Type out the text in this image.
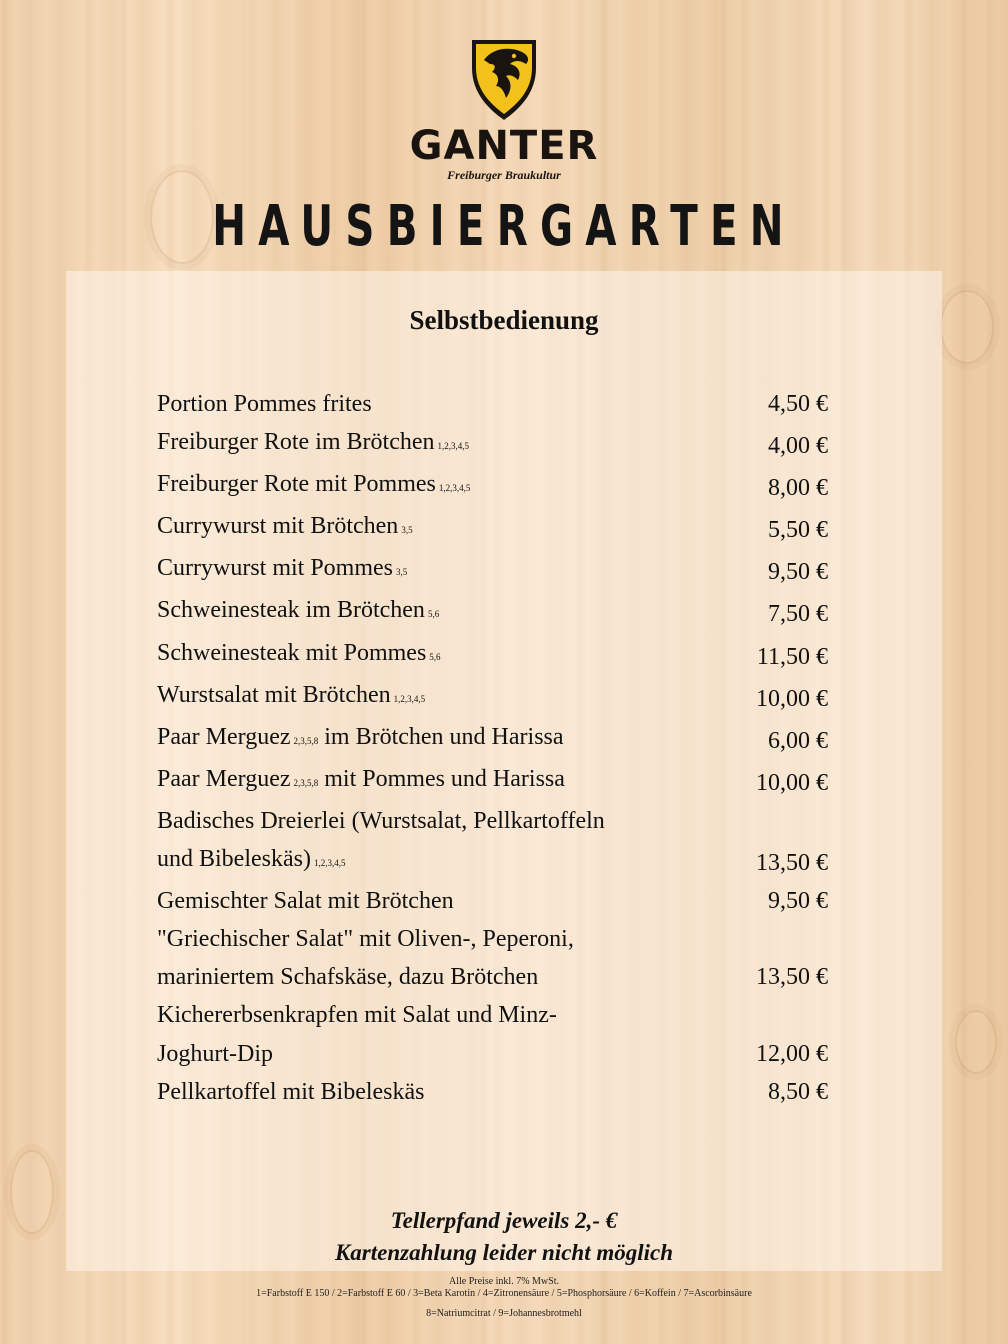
GANTER
Freiburger Braukultur
HAUSBIERGARTEN
Selbstbedienung
Portion Pommes frites	4,50 €
Freiburger Rote im Brötchen 1,2,3,4,5	4,00 €
Freiburger Rote mit Pommes 1,2,3,4,5	8,00 €
Currywurst mit Brötchen 3,5	5,50 €
Currywurst mit Pommes 3,5	9,50 €
Schweinesteak im Brötchen 5,6	7,50 €
Schweinesteak mit Pommes 5,6	11,50 €
Wurstsalat mit Brötchen 1,2,3,4,5	10,00 €
Paar Merguez 2,3,5,8 im Brötchen und Harissa	6,00 €
Paar Merguez 2,3,5,8 mit Pommes und Harissa	10,00 €
Badisches Dreierlei (Wurstsalat, Pellkartoffeln
und Bibeleskäs) 1,2,3,4,5	13,50 €
Gemischter Salat mit Brötchen	9,50 €
"Griechischer Salat" mit Oliven-, Peperoni,
mariniertem Schafskäse, dazu Brötchen	13,50 €
Kichererbsenkrapfen mit Salat und Minz-
Joghurt-Dip	12,00 €
Pellkartoffel mit Bibeleskäs	8,50 €
Tellerpfand jeweils 2,- €
Kartenzahlung leider nicht möglich
Alle Preise inkl. 7% MwSt.
1=Farbstoff E 150 / 2=Farbstoff E 60 / 3=Beta Karotin / 4=Zitronensäure / 5=Phosphorsäure / 6=Koffein / 7=Ascorbinsäure
8=Natriumcitrat / 9=Johannesbrotmehl
